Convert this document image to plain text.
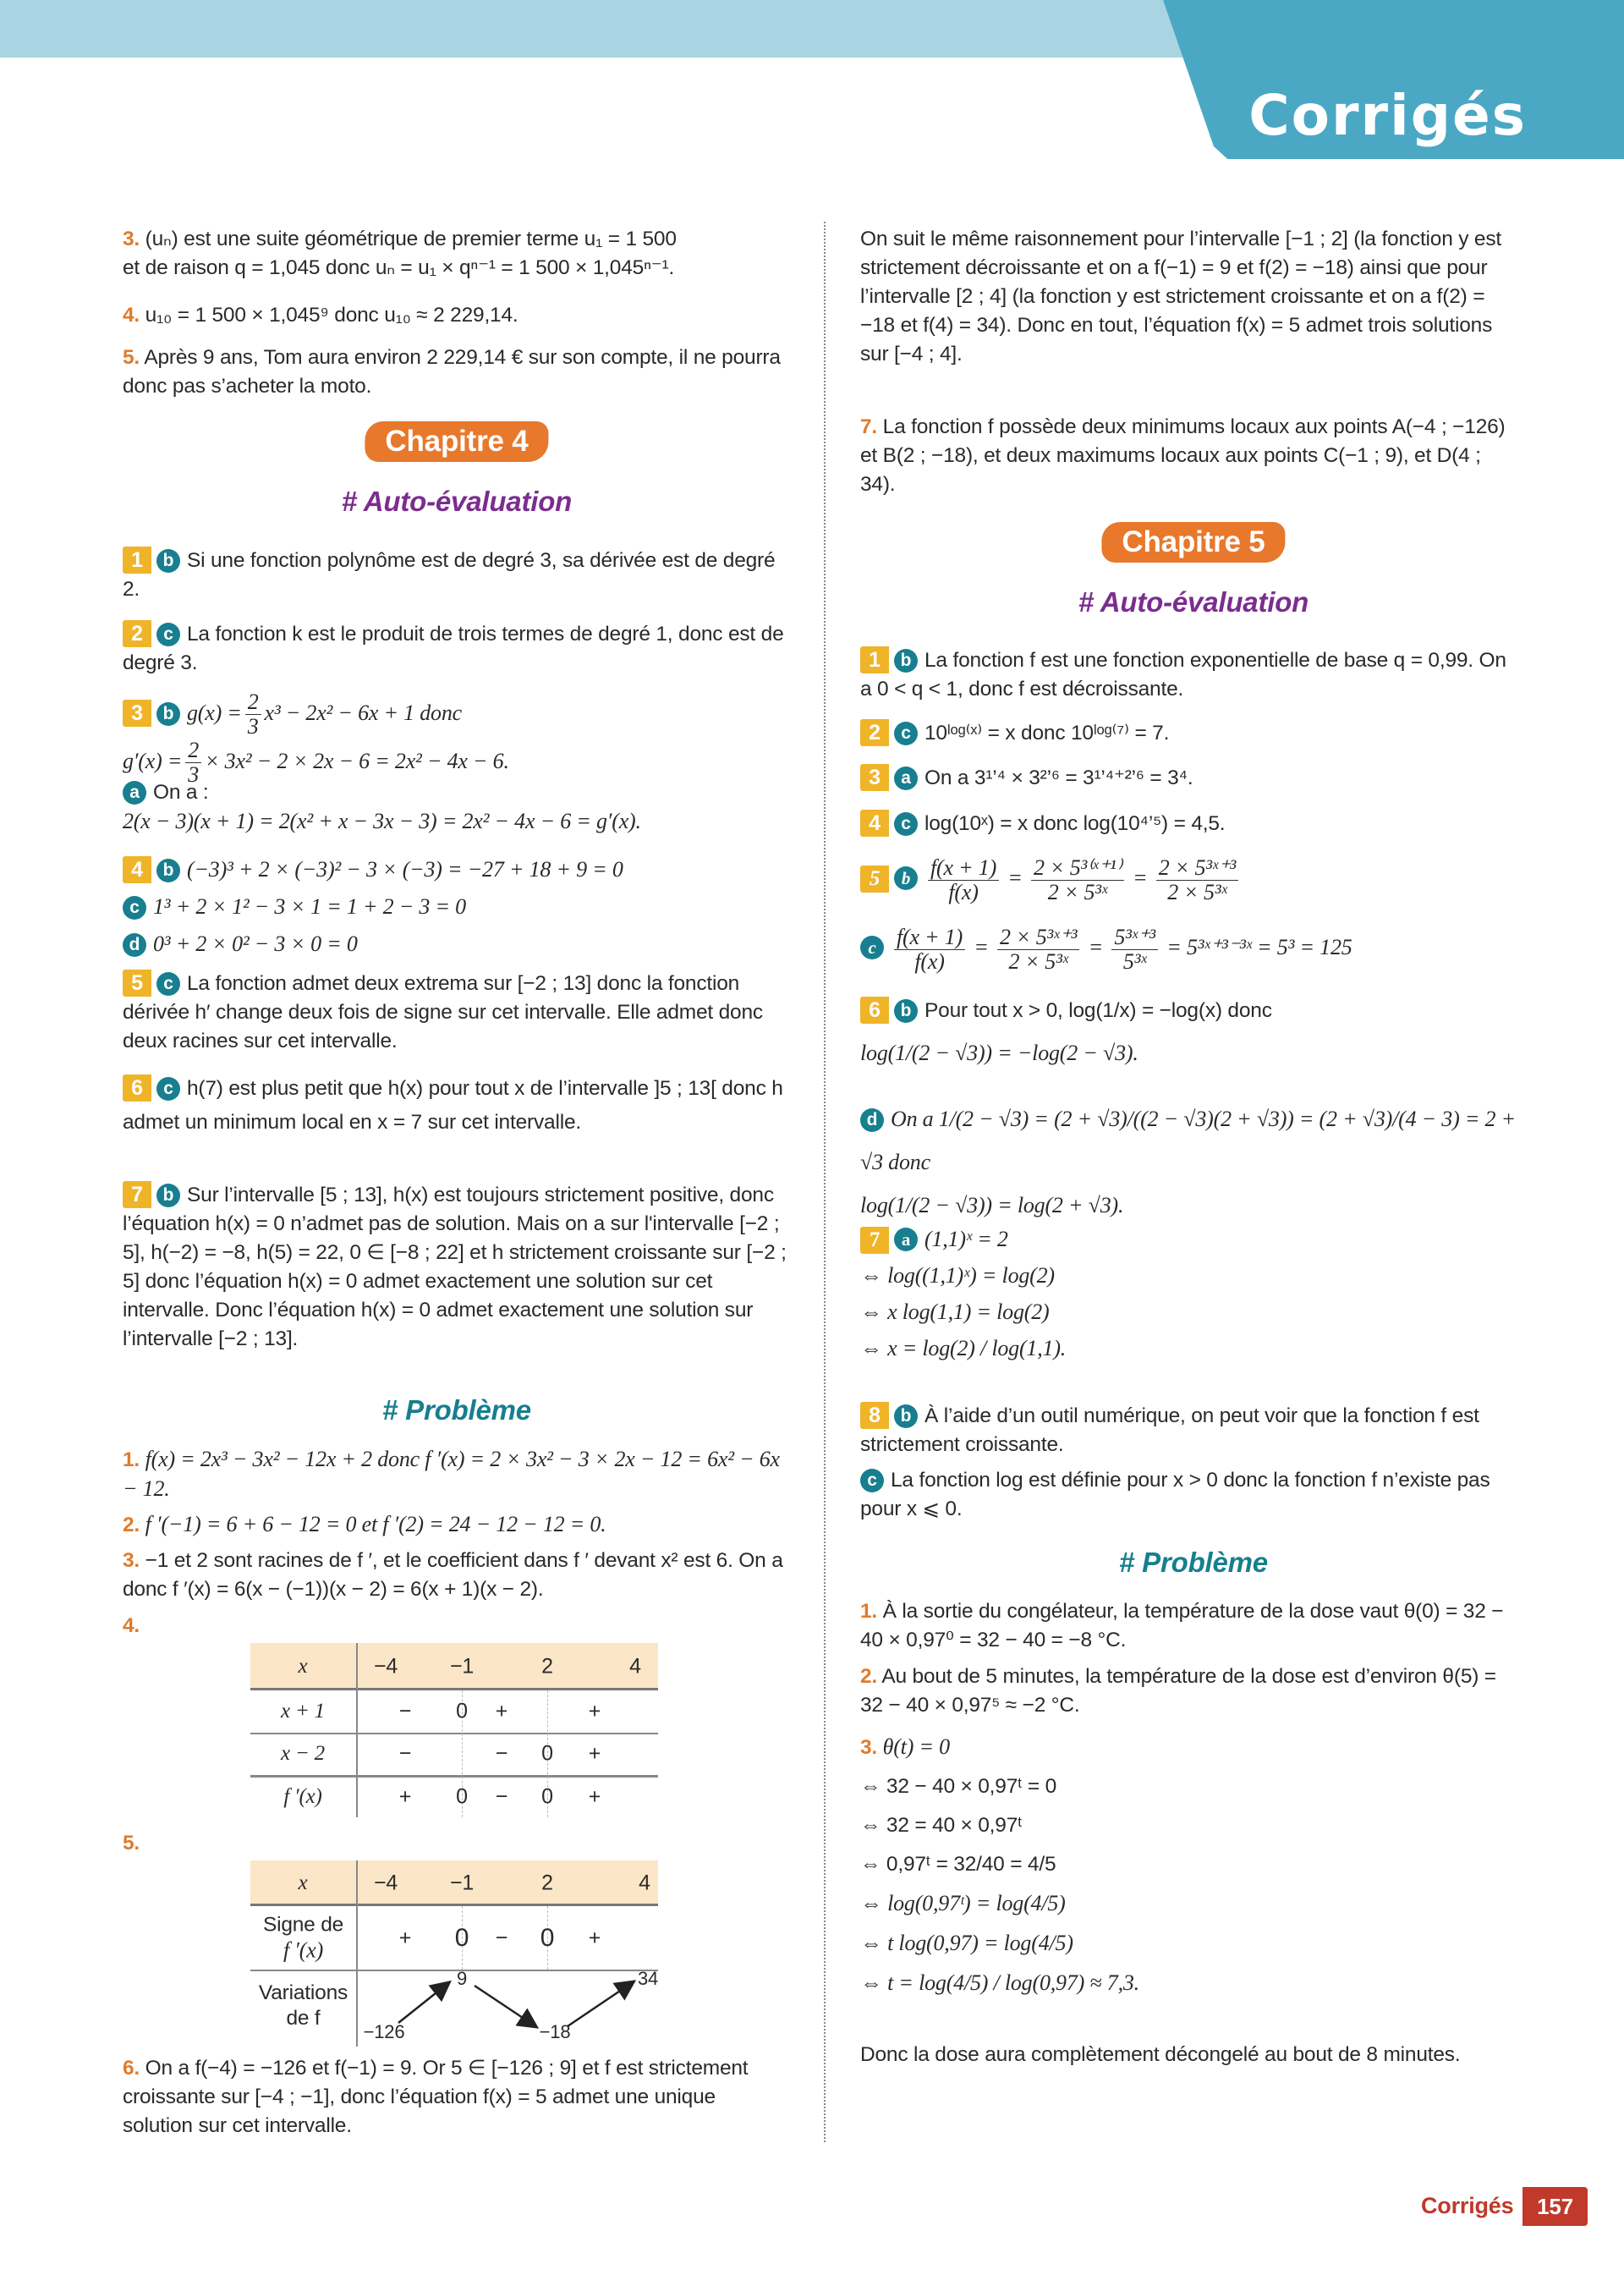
Corrigés
3. (uₙ) est une suite géométrique de premier terme u₁ = 1 500
et de raison q = 1,045 donc uₙ = u₁ × qⁿ⁻¹ = 1 500 × 1,045ⁿ⁻¹.
4. u₁₀ = 1 500 × 1,045⁹ donc u₁₀ ≈ 2 229,14.
5. Après 9 ans, Tom aura environ 2 229,14 € sur son compte, il ne pourra donc pas s’acheter la moto.
Chapitre 4
# Auto-évaluation
1 b Si une fonction polynôme est de degré 3, sa dérivée est de degré 2.
2 c La fonction k est le produit de trois termes de degré 1, donc est de degré 3.
3 b $g(x) = \frac{2}{3} x^3 - 2x^2 - 6x + 1$ donc
$g'(x) = \frac{2}{3} \times 3x^2 - 2 \times 2x - 6 = 2x^2 - 4x - 6$.
a On a :
2(x − 3)(x + 1) = 2(x² + x − 3x − 3) = 2x² − 4x − 6 = g′(x).
4 b (−3)³ + 2 × (−3)² − 3 × (−3) = −27 + 18 + 9 = 0
c 1³ + 2 × 1² − 3 × 1 = 1 + 2 − 3 = 0
d 0³ + 2 × 0² − 3 × 0 = 0
5 c La fonction admet deux extrema sur [−2 ; 13] donc la fonction dérivée h′ change deux fois de signe sur cet intervalle. Elle admet donc deux racines sur cet intervalle.
6 c h(7) est plus petit que h(x) pour tout x de l’intervalle ]5 ; 13[ donc h admet un minimum local en x = 7 sur cet intervalle.
7 b Sur l’intervalle [5 ; 13], h(x) est toujours strictement positive, donc l’équation h(x) = 0 n’admet pas de solution. Mais on a sur l'intervalle [−2 ; 5], h(−2) = −8, h(5) = 22, 0 ∈ [−8 ; 22] et h strictement croissante sur [−2 ; 5] donc l’équation h(x) = 0 admet exactement une solution sur cet intervalle. Donc l’équation h(x) = 0 admet exactement une solution sur l’intervalle [−2 ; 13].
# Problème
1. f(x) = 2x³ − 3x² − 12x + 2 donc f ′(x) = 2 × 3x² − 3 × 2x − 12 = 6x² − 6x − 12.
2. f ′(−1) = 6 + 6 − 12 = 0 et f ′(2) = 24 − 12 − 12 = 0.
3. −1 et 2 sont racines de f ′, et le coefficient dans f ′ devant x² est 6. On a donc f ′(x) = 6(x − (−1))(x − 2) = 6(x + 1)(x − 2).
4.
x	−4 −1	2	4
x + 1	− 0 +	+
x − 2	−	− 0 +
f ′(x)	+ 0 − 0 +
5.
x	−4 −1	2	4
Signe de
f ′(x)	+ 0 − 0 +
Variations
de f
−126
9
−18
34
6. On a f(−4) = −126 et f(−1) = 9. Or 5 ∈ [−126 ; 9] et f est strictement croissante sur [−4 ; −1], donc l’équation f(x) = 5 admet une unique solution sur cet intervalle.
On suit le même raisonnement pour l’intervalle [−1 ; 2] (la fonction y est strictement décroissante et on a f(−1) = 9 et f(2) = −18) ainsi que pour l’intervalle [2 ; 4] (la fonction y est strictement croissante et on a f(2) = −18 et f(4) = 34). Donc en tout, l’équation f(x) = 5 admet trois solutions sur [−4 ; 4].
7. La fonction f possède deux minimums locaux aux points A(−4 ; −126) et B(2 ; −18), et deux maximums locaux aux points C(−1 ; 9), et D(4 ; 34).
Chapitre 5
# Auto-évaluation
1 b La fonction f est une fonction exponentielle de base q = 0,99. On a 0 < q < 1, donc f est décroissante.
2 c 10ˡᵒᵍ⁽ˣ⁾ = x donc 10ˡᵒᵍ⁽⁷⁾ = 7.
3 a On a 3¹’⁴ × 3²’⁶ = 3¹’⁴⁺²’⁶ = 3⁴.
4 c log(10ˣ) = x donc log(10⁴’⁵) = 4,5.
5 b $\frac{f(x + 1)}{f(x)} = \frac{\text{2 × 5³⁽ˣ⁺¹⁾}}{\text{2 × 5³ˣ}} = \frac{\text{2 × 5³ˣ⁺³}}{\text{2 × 5³ˣ}}$
c $\frac{f(x + 1)}{f(x)} = \frac{\text{2 × 5³ˣ⁺³}}{\text{2 × 5³ˣ}} = \frac{\text{5³ˣ⁺³}}{\text{5³ˣ}}$ = 5³ˣ⁺³⁻³ˣ = 5³ = 125
6 b Pour tout x > 0, log(1/x) = −log(x) donc
log(1/(2 − √3)) = −log(2 − √3).
d On a 1/(2 − √3) = (2 + √3)/((2 − √3)(2 + √3)) = (2 + √3)/(4 − 3) = 2 + √3 donc
log(1/(2 − √3)) = log(2 + √3).
7 a (1,1)ˣ = 2
⇔ log((1,1)ˣ) = log(2)
⇔ x log(1,1) = log(2)
⇔ x = log(2) / log(1,1).
8 b À l’aide d’un outil numérique, on peut voir que la fonction f est strictement croissante.
c La fonction log est définie pour x > 0 donc la fonction f n’existe pas pour x ⩽ 0.
# Problème
1. À la sortie du congélateur, la température de la dose vaut θ(0) = 32 − 40 × 0,97⁰ = 32 − 40 = −8 °C.
2. Au bout de 5 minutes, la température de la dose est d’environ θ(5) = 32 − 40 × 0,97⁵ ≈ −2 °C.
3. θ(t) = 0
⇔ 32 − 40 × 0,97ᵗ = 0
⇔ 32 = 40 × 0,97ᵗ
⇔ 0,97ᵗ = 32/40 = 4/5
⇔ log(0,97ᵗ) = log(4/5)
⇔ t log(0,97) = log(4/5)
⇔ t = log(4/5) / log(0,97) ≈ 7,3.
Donc la dose aura complètement décongelé au bout de 8 minutes.
Corrigés	157
